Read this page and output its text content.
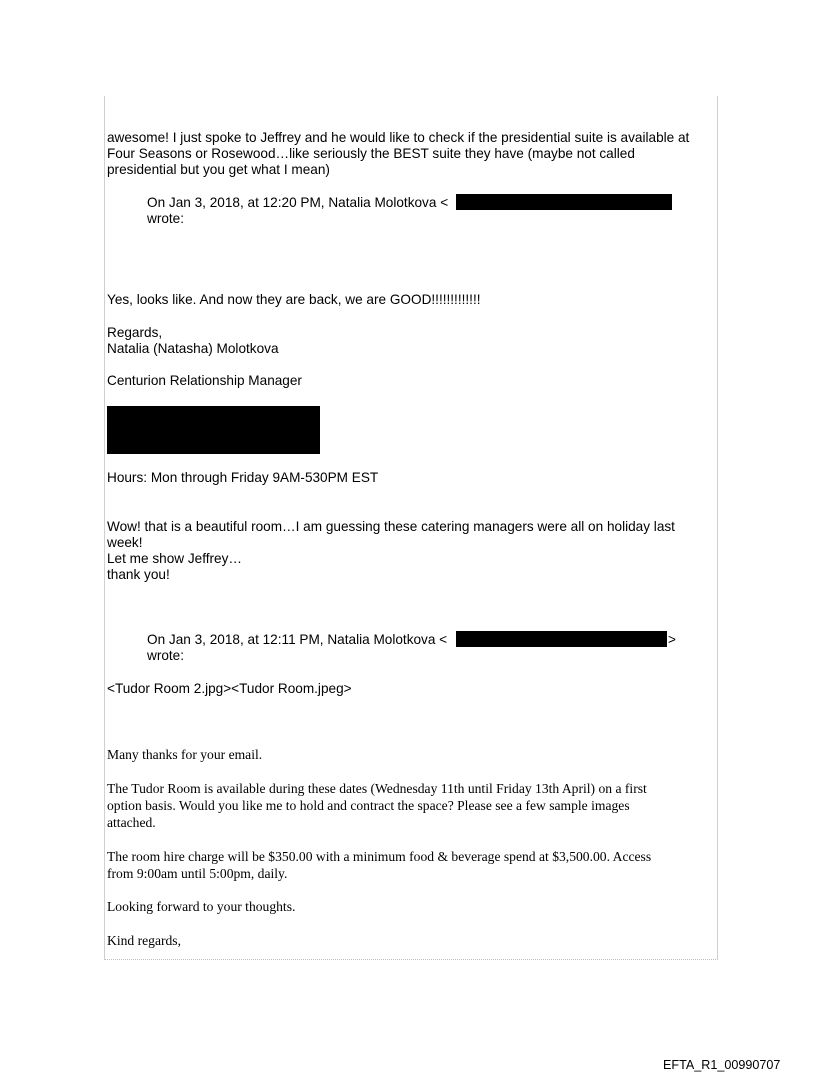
awesome! I just spoke to Jeffrey and he would like to check if the presidential suite is available at
Four Seasons or Rosewood…like seriously the BEST suite they have (maybe not called
presidential but you get what I mean)
On Jan 3, 2018, at 12:20 PM, Natalia Molotkova <
wrote:
Yes, looks like. And now they are back, we are GOOD!!!!!!!!!!!!!
Regards,
Natalia (Natasha) Molotkova
Centurion Relationship Manager
Hours: Mon through Friday 9AM-530PM EST
Wow! that is a beautiful room…I am guessing these catering managers were all on holiday last
week!
Let me show Jeffrey…
thank you!
On Jan 3, 2018, at 12:11 PM, Natalia Molotkova <	>
wrote:
<Tudor Room 2.jpg><Tudor Room.jpeg>
Many thanks for your email.
The Tudor Room is available during these dates (Wednesday 11th until Friday 13th April) on a first
option basis. Would you like me to hold and contract the space? Please see a few sample images
attached.
The room hire charge will be $350.00 with a minimum food & beverage spend at $3,500.00. Access
from 9:00am until 5:00pm, daily.
Looking forward to your thoughts.
Kind regards,
EFTA_R1_00990707
